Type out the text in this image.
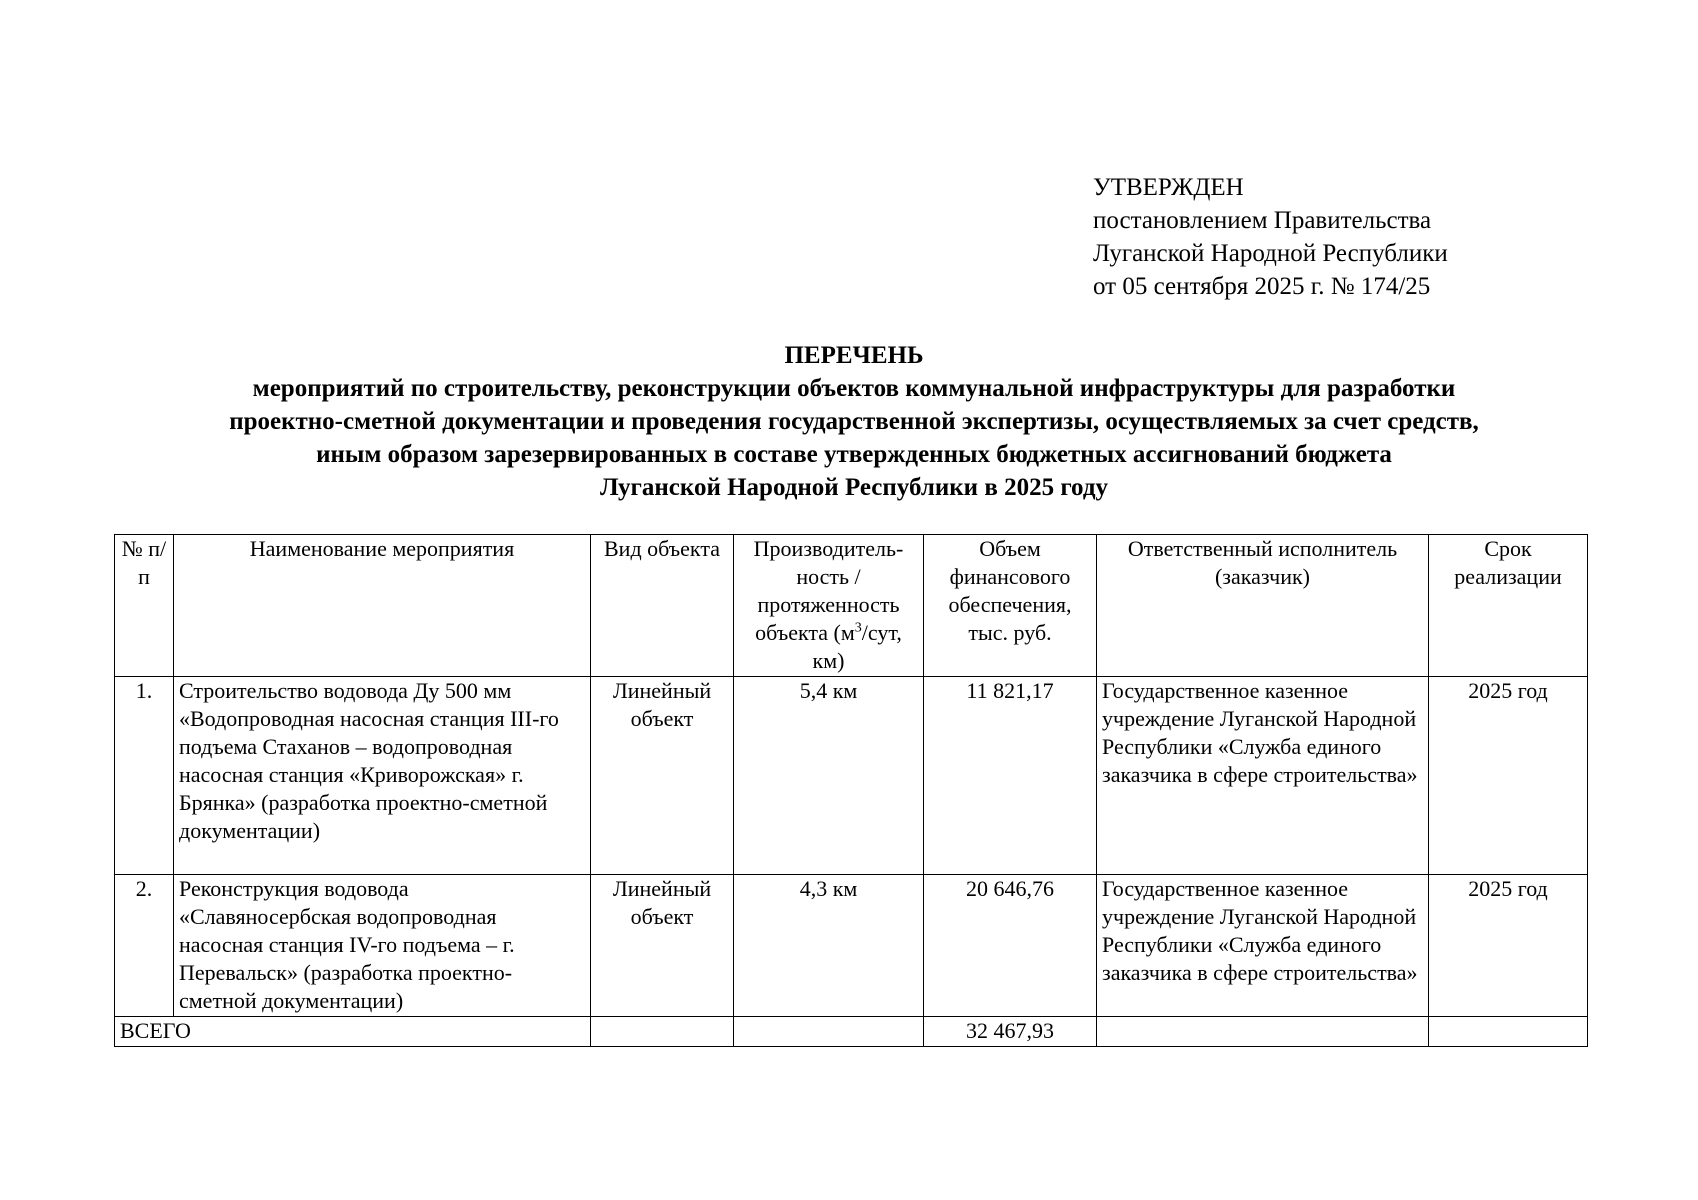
УТВЕРЖДЕН
постановлением Правительства
Луганской Народной Республики
от 05 сентября 2025 г. № 174/25
ПЕРЕЧЕНЬ
мероприятий по строительству, реконструкции объектов коммунальной инфраструктуры для разработки
проектно-сметной документации и проведения государственной экспертизы, осуществляемых за счет средств,
иным образом зарезервированных в составе утвержденных бюджетных ассигнований бюджета
Луганской Народной Республики в 2025 году
№ п/п	Наименование мероприятия	Вид объекта	Производитель-ность / протяженность объекта ($м^3$/сут, км)	Объем финансового обеспечения, тыс. руб.	Ответственный исполнитель (заказчик)	Срок реализации
1.	Строительство водовода Ду 500 мм «Водопроводная насосная станция III-го подъема Стаханов – водопроводная насосная станция «Криворожская» г. Брянка» (разработка проектно-сметной документации)	Линейный объект	5,4 км	11 821,17	Государственное казенное учреждение Луганской Народной Республики «Служба единого заказчика в сфере строительства»	2025 год
2.	Реконструкция водовода «Славяносербская водопроводная насосная станция IV-го подъема – г. Перевальск» (разработка проектно-сметной документации)	Линейный объект	4,3 км	20 646,76	Государственное казенное учреждение Луганской Народной Республики «Служба единого заказчика в сфере строительства»	2025 год
ВСЕГО				32 467,93		
